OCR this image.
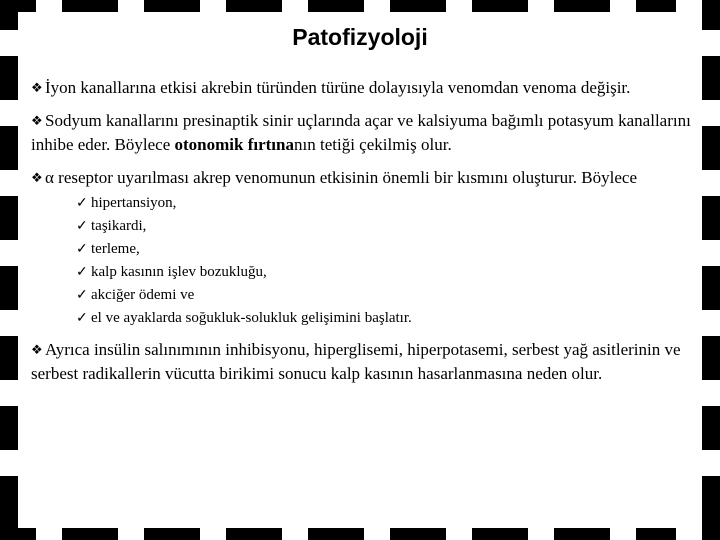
Patofizyoloji
❖ İyon kanallarına etkisi akrebin türünden türüne dolayısıyla venomdan venoma değişir.
❖ Sodyum kanallarını presinaptik sinir uçlarında açar ve kalsiyuma bağımlı potasyum kanallarını inhibe eder. Böylece otonomik fırtınanın tetiği çekilmiş olur.
❖ α reseptor uyarılması akrep venomunun etkisinin önemli bir kısmını oluşturur. Böylece
✓ hipertansiyon,
✓ taşikardi,
✓ terleme,
✓ kalp kasının işlev bozukluğu,
✓ akciğer ödemi ve
✓ el ve ayaklarda soğukluk-solukluk gelişimini başlatır.
❖ Ayrıca insülin salınımının inhibisyonu, hiperglisemi, hiperpotasemi, serbest yağ asitlerinin ve serbest radikallerin vücutta birikimi sonucu kalp kasının hasarlanmasına neden olur.
